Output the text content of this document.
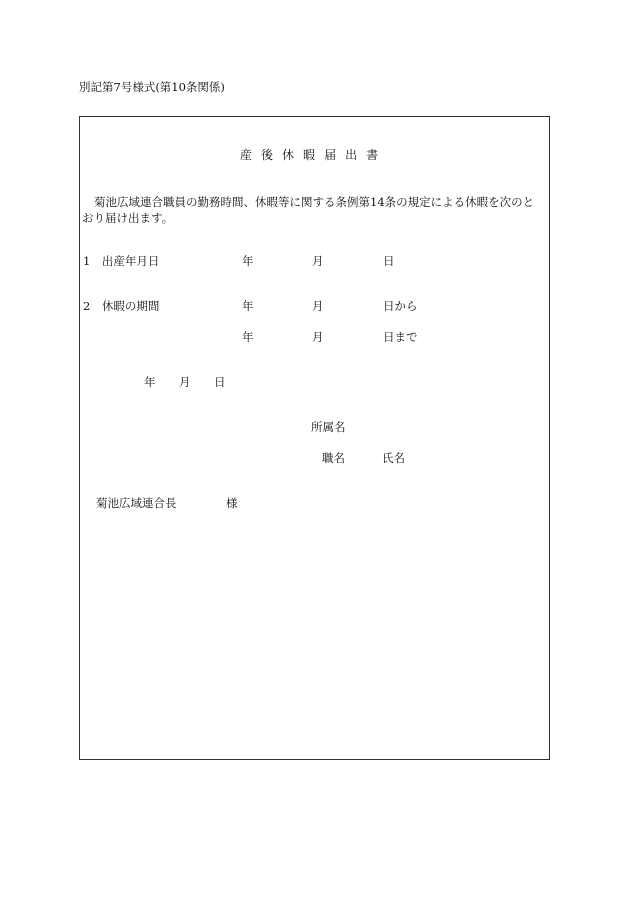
別記第7号様式(第10条関係)
産 後 休 暇 届 出 書
菊池広域連合職員の勤務時間、休暇等に関する条例第14条の規定による休暇を次のと
おり届け出ます。
1　出産年月日	年	月	日
2　休暇の期間	年	月	日から
年	月	日まで
年 月 日
所属名
職名	氏名
菊池広域連合長	様
